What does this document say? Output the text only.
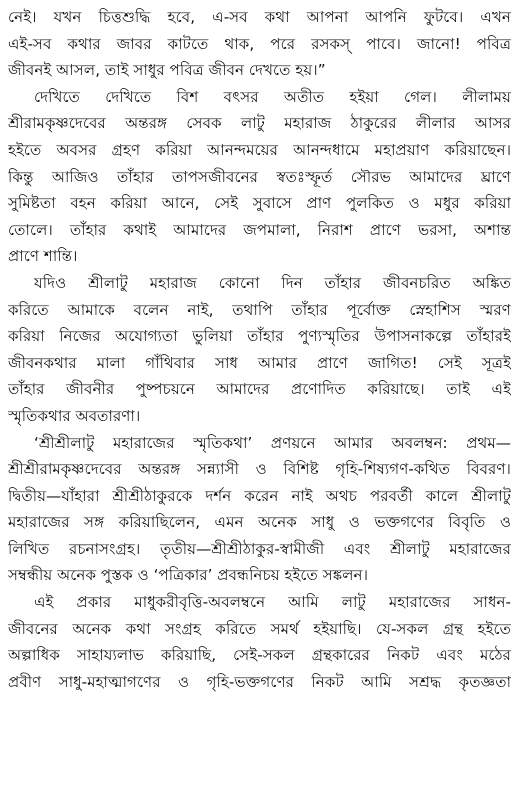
নেই। যখন চিত্তশুদ্ধি হবে, এ-সব কথা আপনা আপনি ফুটবে। এখন
এই-সব কথার জাবর কাটতে থাক, পরে রসকস্‌ পাবে। জানো! পবিত্র
জীবনই আসল, তাই সাধুর পবিত্র জীবন দেখতে হয়।”
দেখিতে দেখিতে বিশ বৎসর অতীত হইয়া গেল। লীলাময়
শ্রীরামকৃষ্ণদেবের অন্তরঙ্গ সেবক লাটু মহারাজ ঠাকুরের লীলার আসর
হইতে অবসর গ্রহণ করিয়া আনন্দময়ের আনন্দধামে মহাপ্রয়াণ করিয়াছেন।
কিন্তু আজিও তাঁহার তাপসজীবনের স্বতঃস্ফূর্ত সৌরভ আমাদের ঘ্রাণে
সুমিষ্টতা বহন করিয়া আনে, সেই সুবাসে প্রাণ পুলকিত ও মধুর করিয়া
তোলে। তাঁহার কথাই আমাদের জপমালা, নিরাশ প্রাণে ভরসা, অশান্ত
প্রাণে শান্তি।
যদিও শ্রীলাটু মহারাজ কোনো দিন তাঁহার জীবনচরিত অঙ্কিত
করিতে আমাকে বলেন নাই, তথাপি তাঁহার পূর্বোক্ত স্নেহাশিস স্মরণ
করিয়া নিজের অযোগ্যতা ভুলিয়া তাঁহার পুণ্যস্মৃতির উপাসনাকল্পে তাঁহারই
জীবনকথার মালা গাঁথিবার সাধ আমার প্রাণে জাগিত! সেই সূত্রই
তাঁহার জীবনীর পুষ্পচয়নে আমাদের প্রণোদিত করিয়াছে। তাই এই
স্মৃতিকথার অবতারণা।
‘শ্রীশ্রীলাটু মহারাজের স্মৃতিকথা’ প্রণয়নে আমার অবলম্বন: প্রথম—
শ্রীশ্রীরামকৃষ্ণদেবের অন্তরঙ্গ সন্ন্যাসী ও বিশিষ্ট গৃহি-শিষ্যগণ-কথিত বিবরণ।
দ্বিতীয়—যাঁহারা শ্রীশ্রীঠাকুরকে দর্শন করেন নাই অথচ পরবর্তী কালে শ্রীলাটু
মহারাজের সঙ্গ করিয়াছিলেন, এমন অনেক সাধু ও ভক্তগণের বিবৃতি ও
লিখিত রচনাসংগ্রহ। তৃতীয়—শ্রীশ্রীঠাকুর-স্বামীজী এবং শ্রীলাটু মহারাজের
সম্বন্ধীয় অনেক পুস্তক ও ‘পত্রিকার’ প্রবন্ধনিচয় হইতে সঙ্কলন।
এই প্রকার মাধুকরীবৃত্তি-অবলম্বনে আমি লাটু মহারাজের সাধন-
জীবনের অনেক কথা সংগ্রহ করিতে সমর্থ হইয়াছি। যে-সকল গ্রন্থ হইতে
অল্পাধিক সাহায্যলাভ করিয়াছি, সেই-সকল গ্রন্থকারের নিকট এবং মঠের
প্রবীণ সাধু-মহাত্মাগণের ও গৃহি-ভক্তগণের নিকট আমি সশ্রদ্ধ কৃতজ্ঞতা
